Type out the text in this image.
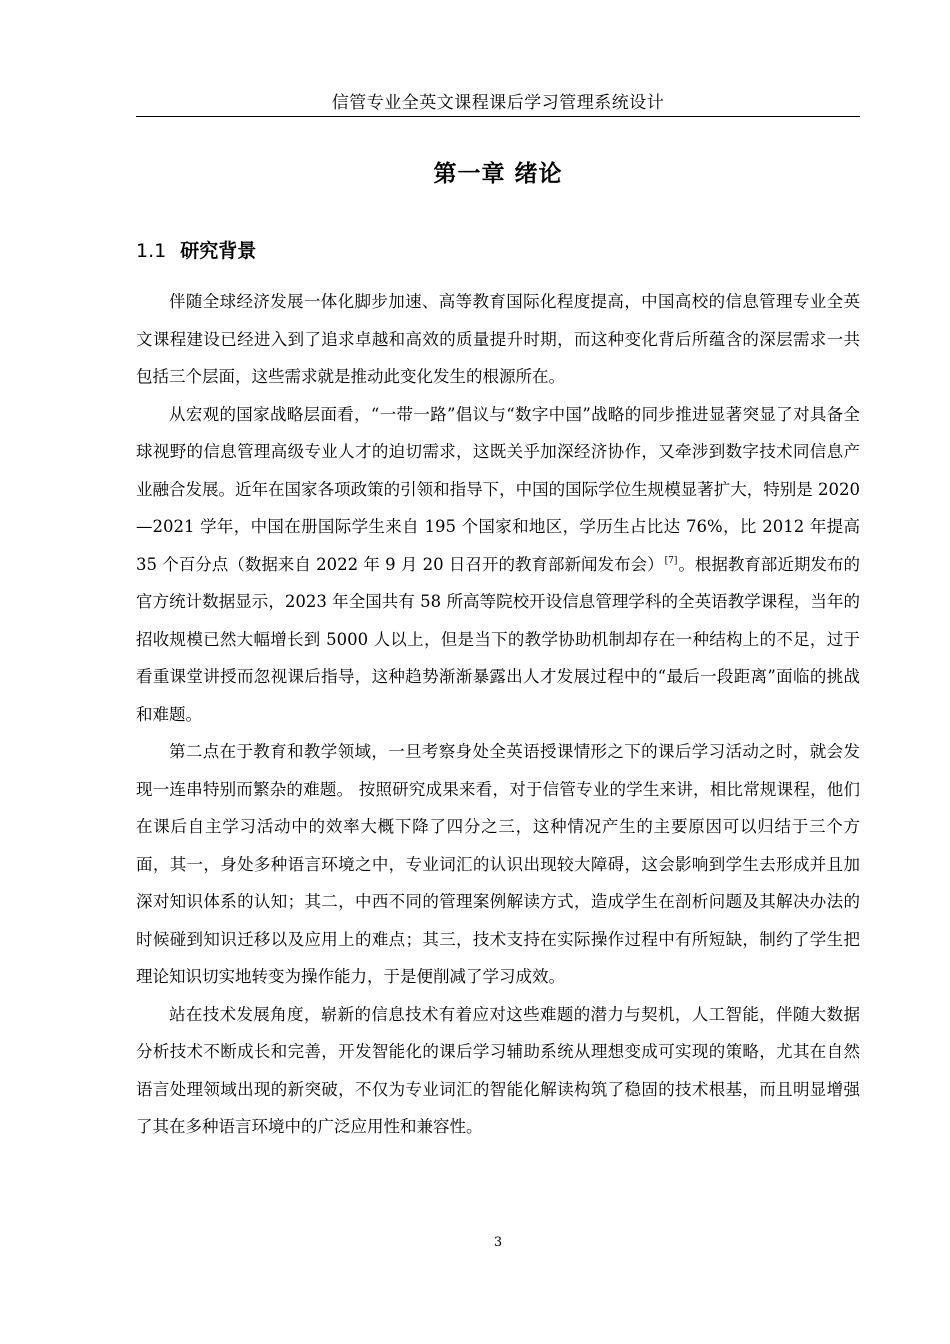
信管专业全英文课程课后学习管理系统设计
第一章 绪论
1.1 研究背景

伴随全球经济发展一体化脚步加速、高等教育国际化程度提高，中国高校的信息管理专业全英文课程建设已经进入到了追求卓越和高效的质量提升时期，而这种变化背后所蕴含的深层需求一共包括三个层面，这些需求就是推动此变化发生的根源所在。

从宏观的国家战略层面看，“一带一路”倡议与“数字中国”战略的同步推进显著突显了对具备全球视野的信息管理高级专业人才的迫切需求，这既关乎加深经济协作，又牵涉到数字技术同信息产业融合发展。近年在国家各项政策的引领和指导下，中国的国际学位生规模显著扩大，特别是 2020—2021 学年，中国在册国际学生来自 195 个国家和地区，学历生占比达 76%，比 2012 年提高 35 个百分点（数据来自 2022 年 9 月 20 日召开的教育部新闻发布会）[7]。根据教育部近期发布的官方统计数据显示，2023 年全国共有 58 所高等院校开设信息管理学科的全英语教学课程，当年的招收规模已然大幅增长到 5000 人以上，但是当下的教学协助机制却存在一种结构上的不足，过于看重课堂讲授而忽视课后指导，这种趋势渐渐暴露出人才发展过程中的“最后一段距离”面临的挑战和难题。

第二点在于教育和教学领域，一旦考察身处全英语授课情形之下的课后学习活动之时，就会发现一连串特别而繁杂的难题。 按照研究成果来看，对于信管专业的学生来讲，相比常规课程，他们在课后自主学习活动中的效率大概下降了四分之三，这种情况产生的主要原因可以归结于三个方面，其一，身处多种语言环境之中，专业词汇的认识出现较大障碍，这会影响到学生去形成并且加深对知识体系的认知；其二，中西不同的管理案例解读方式，造成学生在剖析问题及其解决办法的时候碰到知识迁移以及应用上的难点；其三，技术支持在实际操作过程中有所短缺，制约了学生把理论知识切实地转变为操作能力，于是便削减了学习成效。

站在技术发展角度，崭新的信息技术有着应对这些难题的潜力与契机，人工智能，伴随大数据分析技术不断成长和完善，开发智能化的课后学习辅助系统从理想变成可实现的策略，尤其在自然语言处理领域出现的新突破，不仅为专业词汇的智能化解读构筑了稳固的技术根基，而且明显增强了其在多种语言环境中的广泛应用性和兼容性。

3
